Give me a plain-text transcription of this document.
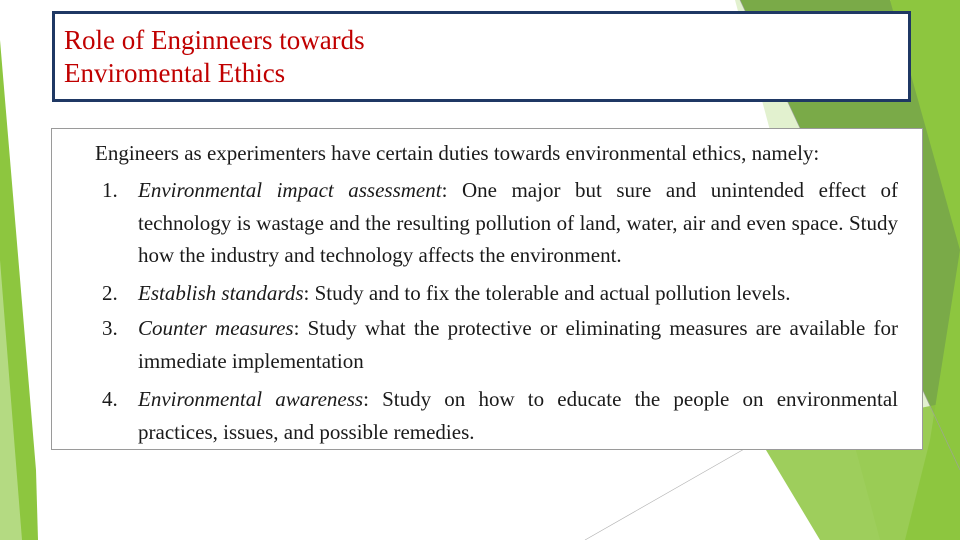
Role of Enginneers towards
Enviromental Ethics
Engineers as experimenters have certain duties towards environmental ethics, namely:
1. Environmental impact assessment: One major but sure and unintended effect of technology is wastage and the resulting pollution of land, water, air and even space. Study how the industry and technology affects the environment.
2. Establish standards: Study and to fix the tolerable and actual pollution levels.
3. Counter measures: Study what the protective or eliminating measures are available for immediate implementation
4. Environmental awareness: Study on how to educate the people on environmental practices, issues, and possible remedies.
